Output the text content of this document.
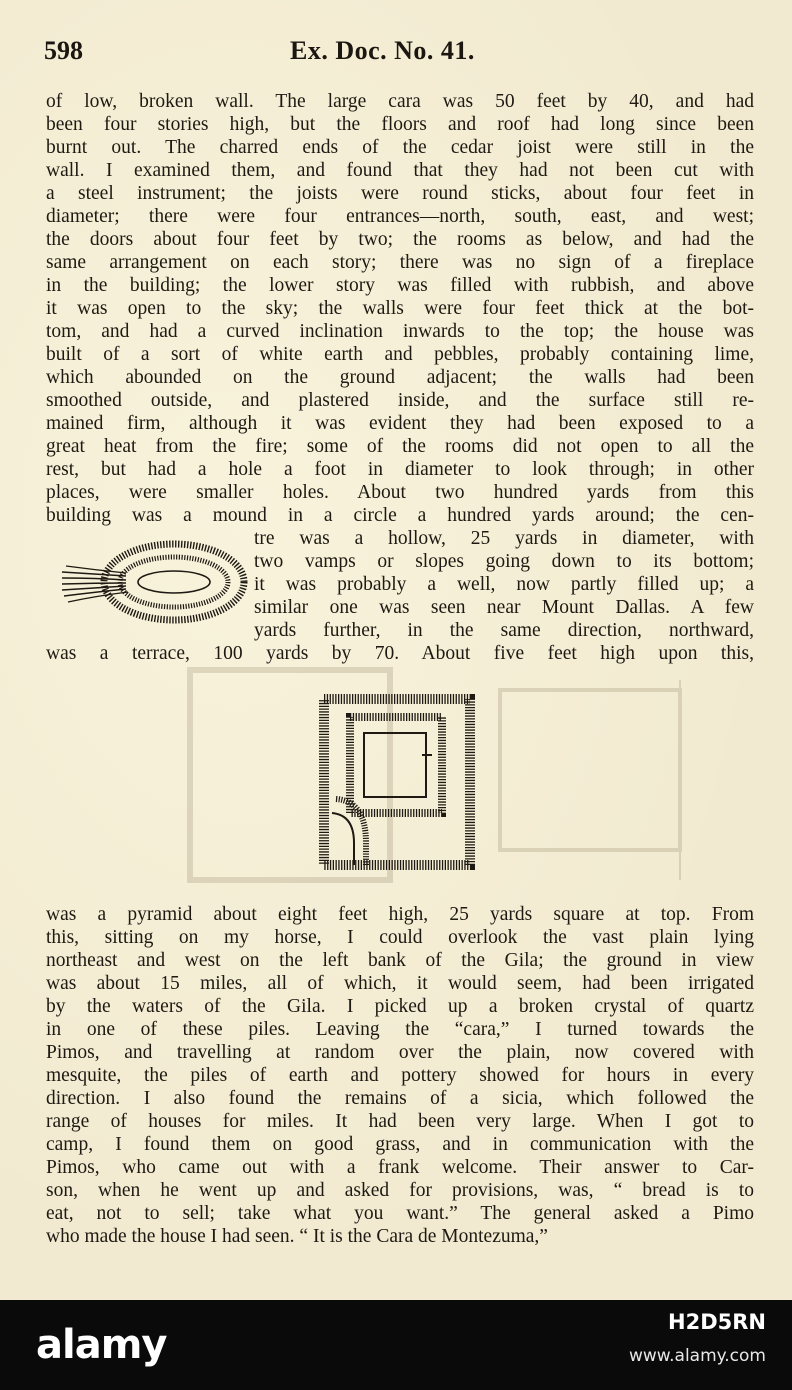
598	Ex. Doc. No. 41.
of low, broken wall. The large cara was 50 feet by 40, and had
been four stories high, but the floors and roof had long since been
burnt out. The charred ends of the cedar joist were still in the
wall. I examined them, and found that they had not been cut with
a steel instrument; the joists were round sticks, about four feet in
diameter; there were four entrances—north, south, east, and west;
the doors about four feet by two; the rooms as below, and had the
same arrangement on each story; there was no sign of a fireplace
in the building; the lower story was filled with rubbish, and above
it was open to the sky; the walls were four feet thick at the bot-
tom, and had a curved inclination inwards to the top; the house was
built of a sort of white earth and pebbles, probably containing lime,
which abounded on the ground adjacent; the walls had been
smoothed outside, and plastered inside, and the surface still re-
mained firm, although it was evident they had been exposed to a
great heat from the fire; some of the rooms did not open to all the
rest, but had a hole a foot in diameter to look through; in other
places, were smaller holes. About two hundred yards from this
building was a mound in a circle a hundred yards around; the cen-
tre was a hollow, 25 yards in diameter, with
two vamps or slopes going down to its bottom;
it was probably a well, now partly filled up; a
similar one was seen near Mount Dallas. A few
yards further, in the same direction, northward,
was a terrace, 100 yards by 70. About five feet high upon this,
was a pyramid about eight feet high, 25 yards square at top. From
this, sitting on my horse, I could overlook the vast plain lying
northeast and west on the left bank of the Gila; the ground in view
was about 15 miles, all of which, it would seem, had been irrigated
by the waters of the Gila. I picked up a broken crystal of quartz
in one of these piles. Leaving the “cara,” I turned towards the
Pimos, and travelling at random over the plain, now covered with
mesquite, the piles of earth and pottery showed for hours in every
direction. I also found the remains of a sicia, which followed the
range of houses for miles. It had been very large. When I got to
camp, I found them on good grass, and in communication with the
Pimos, who came out with a frank welcome. Their answer to Car-
son, when he went up and asked for provisions, was, “ bread is to
eat, not to sell; take what you want.” The general asked a Pimo
who made the house I had seen. “ It is the Cara de Montezuma,”
alamy	H2D5RN
www.alamy.com
